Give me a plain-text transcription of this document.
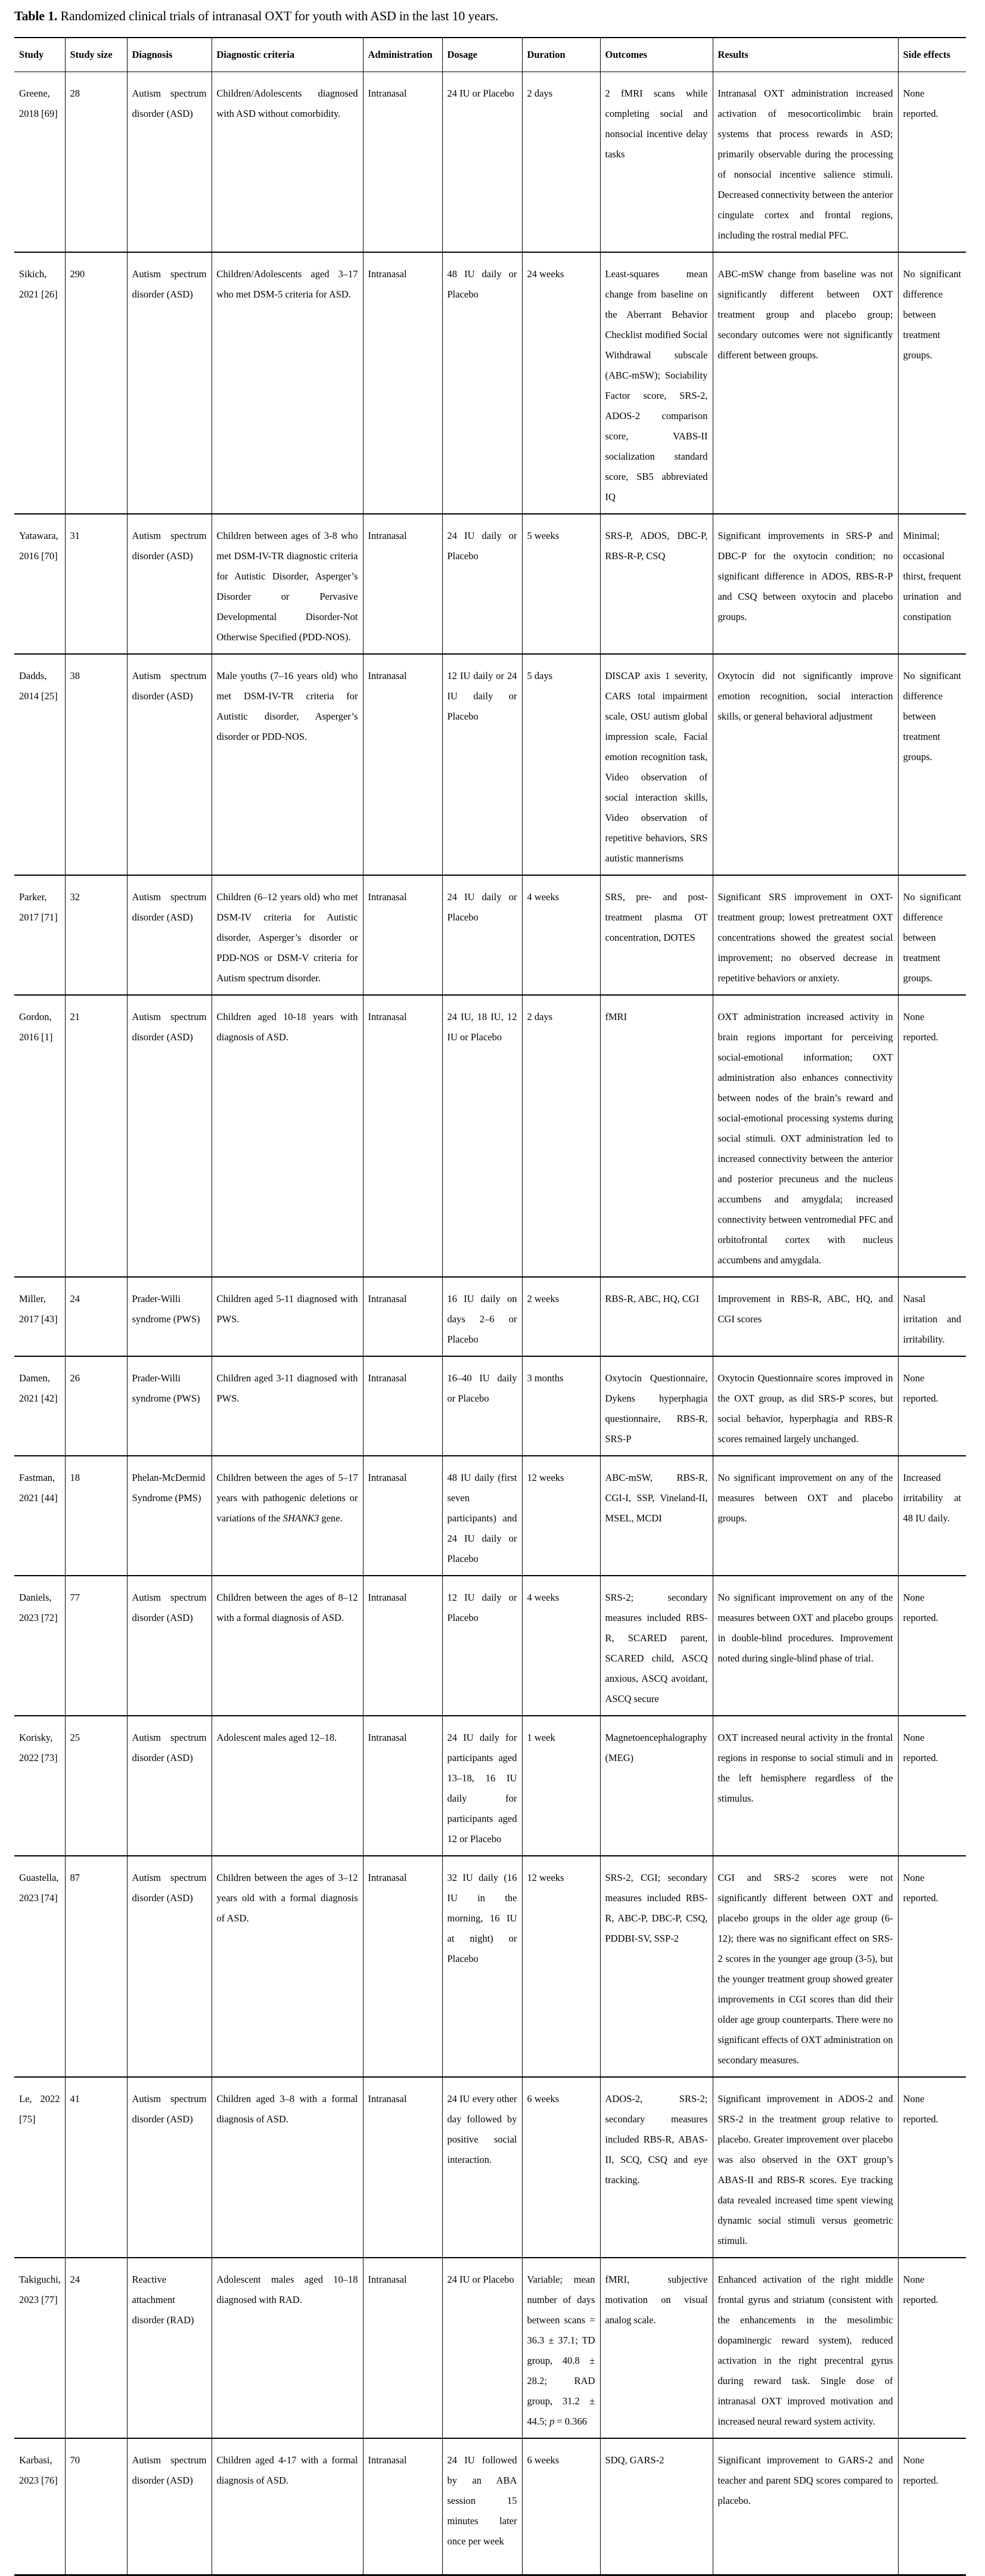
Table 1. Randomized clinical trials of intranasal OXT for youth with ASD in the last 10 years.
Study	Study size	Diagnosis	Diagnostic criteria	Administration	Dosage	Duration	Outcomes	Results	Side effects
Greene, 2018 [69]	28	Autism spectrum disorder (ASD)	Children/Adolescents diagnosed with ASD without comorbidity.	Intranasal	24 IU or Placebo	2 days	2 fMRI scans while completing social and nonsocial incentive delay tasks	Intranasal OXT administration increased activation of mesocorticolimbic brain systems that process rewards in ASD; primarily observable during the processing of nonsocial incentive salience stimuli. Decreased connectivity between the anterior cingulate cortex and frontal regions, including the rostral medial PFC.	None reported.
Sikich, 2021 [26]	290	Autism spectrum disorder (ASD)	Children/Adolescents aged 3–17 who met DSM-5 criteria for ASD.	Intranasal	48 IU daily or Placebo	24 weeks	Least-squares mean change from baseline on the Aberrant Behavior Checklist modified Social Withdrawal subscale (ABC-mSW); Sociability Factor score, SRS-2, ADOS-2 comparison score, VABS-II socialization standard score, SB5 abbreviated IQ	ABC-mSW change from baseline was not significantly different between OXT treatment group and placebo group; secondary outcomes were not significantly different between groups.	No significant difference between treatment groups.
Yatawara, 2016 [70]	31	Autism spectrum disorder (ASD)	Children between ages of 3-8 who met DSM-IV-TR diagnostic criteria for Autistic Disorder, Asperger’s Disorder or Pervasive Developmental Disorder-Not Otherwise Specified (PDD-NOS).	Intranasal	24 IU daily or Placebo	5 weeks	SRS-P, ADOS, DBC-P, RBS-R-P, CSQ	Significant improvements in SRS-P and DBC-P for the oxytocin condition; no significant difference in ADOS, RBS-R-P and CSQ between oxytocin and placebo groups.	Minimal; occasional thirst, frequent urination and constipation
Dadds, 2014 [25]	38	Autism spectrum disorder (ASD)	Male youths (7–16 years old) who met DSM-IV-TR criteria for Autistic disorder, Asperger’s disorder or PDD-NOS.	Intranasal	12 IU daily or 24 IU daily or Placebo	5 days	DISCAP axis 1 severity, CARS total impairment scale, OSU autism global impression scale, Facial emotion recognition task, Video observation of social interaction skills, Video observation of repetitive behaviors, SRS autistic mannerisms	Oxytocin did not significantly improve emotion recognition, social interaction skills, or general behavioral adjustment	No significant difference between treatment groups.
Parker, 2017 [71]	32	Autism spectrum disorder (ASD)	Children (6–12 years old) who met DSM-IV criteria for Autistic disorder, Asperger’s disorder or PDD-NOS or DSM-V criteria for Autism spectrum disorder.	Intranasal	24 IU daily or Placebo	4 weeks	SRS, pre- and post-treatment plasma OT concentration, DOTES	Significant SRS improvement in OXT-treatment group; lowest pretreatment OXT concentrations showed the greatest social improvement; no observed decrease in repetitive behaviors or anxiety.	No significant difference between treatment groups.
Gordon, 2016 [1]	21	Autism spectrum disorder (ASD)	Children aged 10-18 years with diagnosis of ASD.	Intranasal	24 IU, 18 IU, 12 IU or Placebo	2 days	fMRI	OXT administration increased activity in brain regions important for perceiving social-emotional information; OXT administration also enhances connectivity between nodes of the brain’s reward and social-emotional processing systems during social stimuli. OXT administration led to increased connectivity between the anterior and posterior precuneus and the nucleus accumbens and amygdala; increased connectivity between ventromedial PFC and orbitofrontal cortex with nucleus accumbens and amygdala.	None reported.
Miller, 2017 [43]	24	Prader-Willi syndrome (PWS)	Children aged 5-11 diagnosed with PWS.	Intranasal	16 IU daily on days 2–6 or Placebo	2 weeks	RBS-R, ABC, HQ, CGI	Improvement in RBS-R, ABC, HQ, and CGI scores	Nasal irritation and irritability.
Damen, 2021 [42]	26	Prader-Willi syndrome (PWS)	Children aged 3-11 diagnosed with PWS.	Intranasal	16–40 IU daily or Placebo	3 months	Oxytocin Questionnaire, Dykens hyperphagia questionnaire, RBS-R, SRS-P	Oxytocin Questionnaire scores improved in the OXT group, as did SRS-P scores, but social behavior, hyperphagia and RBS-R scores remained largely unchanged.	None reported.
Fastman, 2021 [44]	18	Phelan-McDermid Syndrome (PMS)	Children between the ages of 5–17 years with pathogenic deletions or variations of the SHANK3 gene.	Intranasal	48 IU daily (first seven participants) and 24 IU daily or Placebo	12 weeks	ABC-mSW, RBS-R, CGI-I, SSP, Vineland-II, MSEL, MCDI	No significant improvement on any of the measures between OXT and placebo groups.	Increased irritability at 48 IU daily.
Daniels, 2023 [72]	77	Autism spectrum disorder (ASD)	Children between the ages of 8–12 with a formal diagnosis of ASD.	Intranasal	12 IU daily or Placebo	4 weeks	SRS-2; secondary measures included RBS-R, SCARED parent, SCARED child, ASCQ anxious, ASCQ avoidant, ASCQ secure	No significant improvement on any of the measures between OXT and placebo groups in double-blind procedures. Improvement noted during single-blind phase of trial.	None reported.
Korisky, 2022 [73]	25	Autism spectrum disorder (ASD)	Adolescent males aged 12–18.	Intranasal	24 IU daily for participants aged 13–18, 16 IU daily for participants aged 12 or Placebo	1 week	Magnetoencephalography (MEG)	OXT increased neural activity in the frontal regions in response to social stimuli and in the left hemisphere regardless of the stimulus.	None reported.
Guastella, 2023 [74]	87	Autism spectrum disorder (ASD)	Children between the ages of 3–12 years old with a formal diagnosis of ASD.	Intranasal	32 IU daily (16 IU in the morning, 16 IU at night) or Placebo	12 weeks	SRS-2, CGI; secondary measures included RBS-R, ABC-P, DBC-P, CSQ, PDDBI-SV, SSP-2	CGI and SRS-2 scores were not significantly different between OXT and placebo groups in the older age group (6-12); there was no significant effect on SRS-2 scores in the younger age group (3-5), but the younger treatment group showed greater improvements in CGI scores than did their older age group counterparts. There were no significant effects of OXT administration on secondary measures.	None reported.
Le, 2022 [75]	41	Autism spectrum disorder (ASD)	Children aged 3–8 with a formal diagnosis of ASD.	Intranasal	24 IU every other day followed by positive social interaction.	6 weeks	ADOS-2, SRS-2; secondary measures included RBS-R, ABAS-II, SCQ, CSQ and eye tracking.	Significant improvement in ADOS-2 and SRS-2 in the treatment group relative to placebo. Greater improvement over placebo was also observed in the OXT group’s ABAS-II and RBS-R scores. Eye tracking data revealed increased time spent viewing dynamic social stimuli versus geometric stimuli.	None reported.
Takiguchi, 2023 [77]	24	Reactive attachment disorder (RAD)	Adolescent males aged 10–18 diagnosed with RAD.	Intranasal	24 IU or Placebo	Variable; mean number of days between scans = 36.3 ± 37.1; TD group, 40.8 ± 28.2; RAD group, 31.2 ± 44.5; p = 0.366	fMRI, subjective motivation on visual analog scale.	Enhanced activation of the right middle frontal gyrus and striatum (consistent with the enhancements in the mesolimbic dopaminergic reward system), reduced activation in the right precentral gyrus during reward task. Single dose of intranasal OXT improved motivation and increased neural reward system activity.	None reported.
Karbasi, 2023 [76]	70	Autism spectrum disorder (ASD)	Children aged 4-17 with a formal diagnosis of ASD.	Intranasal	24 IU followed by an ABA session 15 minutes later once per week	6 weeks	SDQ, GARS-2	Significant improvement to GARS-2 and teacher and parent SDQ scores compared to placebo.	None reported.
